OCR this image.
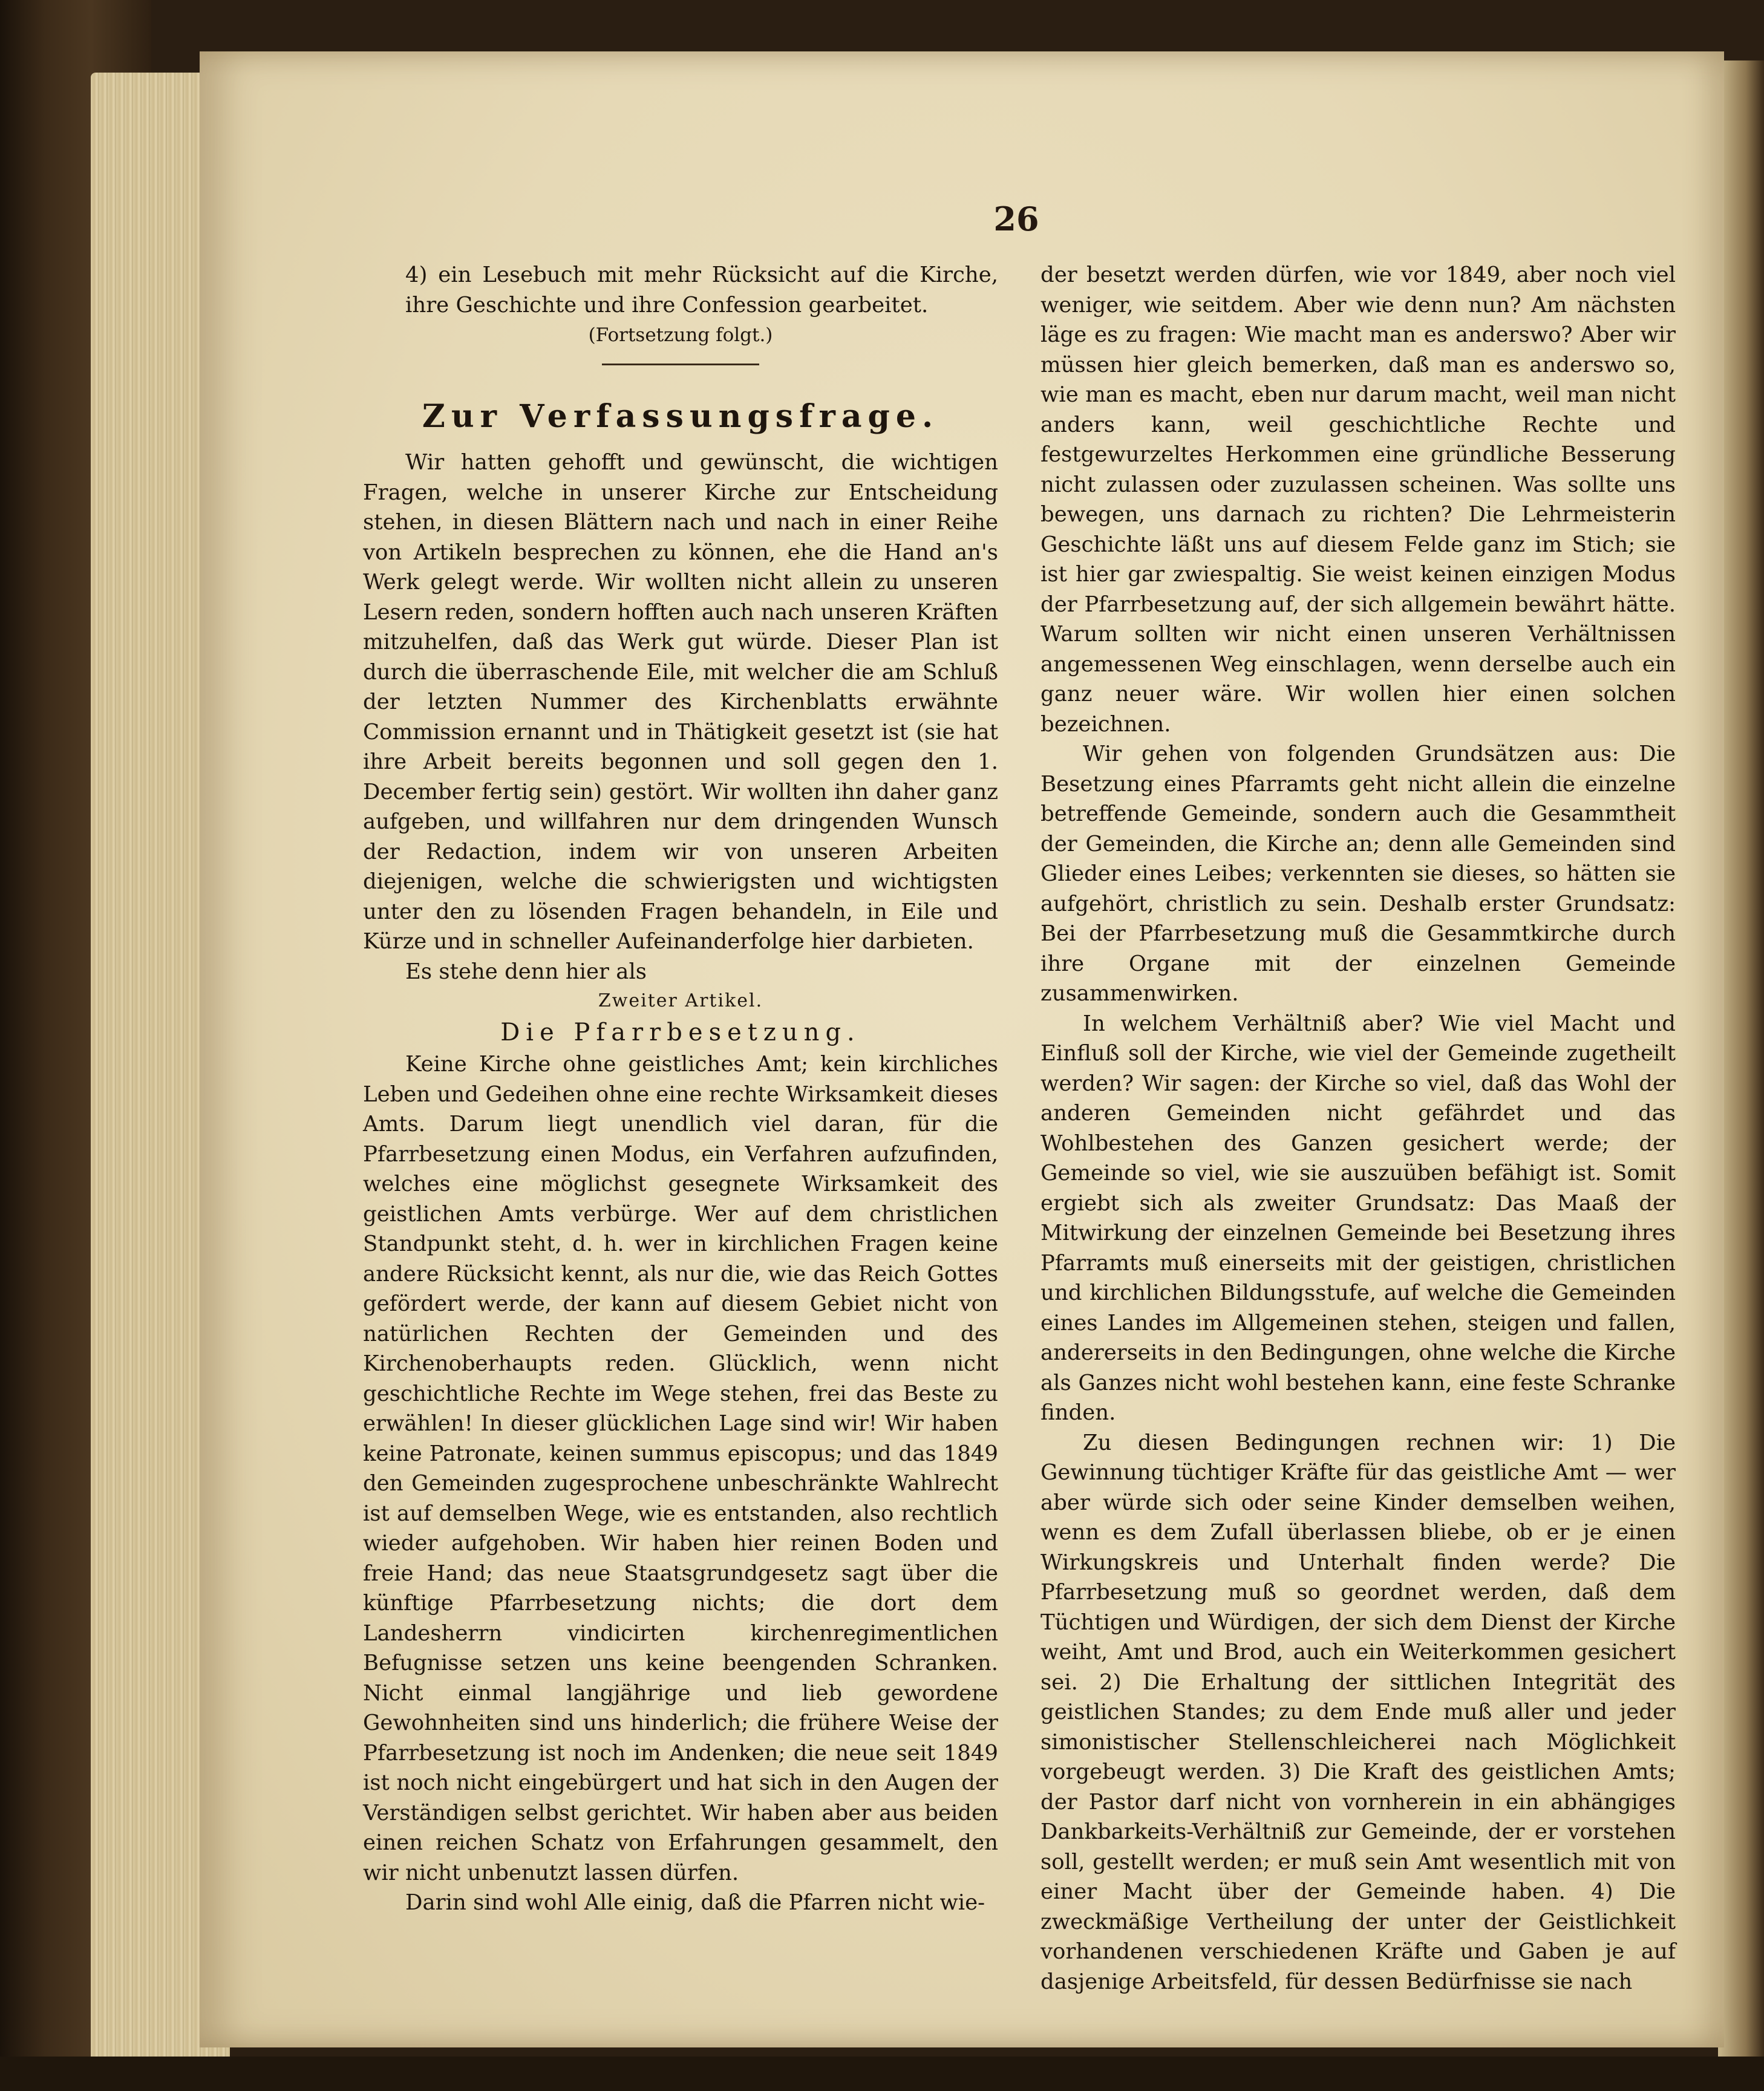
26

4) ein Lesebuch mit mehr Rücksicht auf die Kirche, ihre Geschichte und ihre Confession gearbeitet.

(Fortsetzung folgt.)

Zur Verfassungsfrage.

Wir hatten gehofft und gewünscht, die wichtigen Fragen, welche in unserer Kirche zur Entscheidung stehen, in diesen Blättern nach und nach in einer Reihe von Artikeln besprechen zu können, ehe die Hand an's Werk gelegt werde. Wir wollten nicht allein zu unseren Lesern reden, sondern hofften auch nach unseren Kräften mitzuhelfen, daß das Werk gut würde. Dieser Plan ist durch die überraschende Eile, mit welcher die am Schluß der letzten Nummer des Kirchenblatts erwähnte Commission ernannt und in Thätigkeit gesetzt ist (sie hat ihre Arbeit bereits begonnen und soll gegen den 1. December fertig sein) gestört. Wir wollten ihn daher ganz aufgeben, und willfahren nur dem dringenden Wunsch der Redaction, indem wir von unseren Arbeiten diejenigen, welche die schwierigsten und wichtigsten unter den zu lösenden Fragen behandeln, in Eile und Kürze und in schneller Aufeinanderfolge hier darbieten.

Es stehe denn hier als

Zweiter Artikel.

Die Pfarrbesetzung.

Keine Kirche ohne geistliches Amt; kein kirchliches Leben und Gedeihen ohne eine rechte Wirksamkeit dieses Amts. Darum liegt unendlich viel daran, für die Pfarrbesetzung einen Modus, ein Verfahren aufzufinden, welches eine möglichst gesegnete Wirksamkeit des geistlichen Amts verbürge. Wer auf dem christlichen Standpunkt steht, d. h. wer in kirchlichen Fragen keine andere Rücksicht kennt, als nur die, wie das Reich Gottes gefördert werde, der kann auf diesem Gebiet nicht von natürlichen Rechten der Gemeinden und des Kirchenoberhaupts reden. Glücklich, wenn nicht geschichtliche Rechte im Wege stehen, frei das Beste zu erwählen! In dieser glücklichen Lage sind wir! Wir haben keine Patronate, keinen summus episcopus; und das 1849 den Gemeinden zugesprochene unbeschränkte Wahlrecht ist auf demselben Wege, wie es entstanden, also rechtlich wieder aufgehoben. Wir haben hier reinen Boden und freie Hand; das neue Staatsgrundgesetz sagt über die künftige Pfarrbesetzung nichts; die dort dem Landesherrn vindicirten kirchenregimentlichen Befugnisse setzen uns keine beengenden Schranken. Nicht einmal langjährige und lieb gewordene Gewohnheiten sind uns hinderlich; die frühere Weise der Pfarrbesetzung ist noch im Andenken; die neue seit 1849 ist noch nicht eingebürgert und hat sich in den Augen der Verständigen selbst gerichtet. Wir haben aber aus beiden einen reichen Schatz von Erfahrungen gesammelt, den wir nicht unbenutzt lassen dürfen.

Darin sind wohl Alle einig, daß die Pfarren nicht wie-

der besetzt werden dürfen, wie vor 1849, aber noch viel weniger, wie seitdem. Aber wie denn nun? Am nächsten läge es zu fragen: Wie macht man es anderswo? Aber wir müssen hier gleich bemerken, daß man es anderswo so, wie man es macht, eben nur darum macht, weil man nicht anders kann, weil geschichtliche Rechte und festgewurzeltes Herkommen eine gründliche Besserung nicht zulassen oder zuzulassen scheinen. Was sollte uns bewegen, uns darnach zu richten? Die Lehrmeisterin Geschichte läßt uns auf diesem Felde ganz im Stich; sie ist hier gar zwiespaltig. Sie weist keinen einzigen Modus der Pfarrbesetzung auf, der sich allgemein bewährt hätte. Warum sollten wir nicht einen unseren Verhältnissen angemessenen Weg einschlagen, wenn derselbe auch ein ganz neuer wäre. Wir wollen hier einen solchen bezeichnen.

Wir gehen von folgenden Grundsätzen aus: Die Besetzung eines Pfarramts geht nicht allein die einzelne betreffende Gemeinde, sondern auch die Gesammtheit der Gemeinden, die Kirche an; denn alle Gemeinden sind Glieder eines Leibes; verkennten sie dieses, so hätten sie aufgehört, christlich zu sein. Deshalb erster Grundsatz: Bei der Pfarrbesetzung muß die Gesammtkirche durch ihre Organe mit der einzelnen Gemeinde zusammenwirken.

In welchem Verhältniß aber? Wie viel Macht und Einfluß soll der Kirche, wie viel der Gemeinde zugetheilt werden? Wir sagen: der Kirche so viel, daß das Wohl der anderen Gemeinden nicht gefährdet und das Wohlbestehen des Ganzen gesichert werde; der Gemeinde so viel, wie sie auszuüben befähigt ist. Somit ergiebt sich als zweiter Grundsatz: Das Maaß der Mitwirkung der einzelnen Gemeinde bei Besetzung ihres Pfarramts muß einerseits mit der geistigen, christlichen und kirchlichen Bildungsstufe, auf welche die Gemeinden eines Landes im Allgemeinen stehen, steigen und fallen, andererseits in den Bedingungen, ohne welche die Kirche als Ganzes nicht wohl bestehen kann, eine feste Schranke finden.

Zu diesen Bedingungen rechnen wir: 1) Die Gewinnung tüchtiger Kräfte für das geistliche Amt — wer aber würde sich oder seine Kinder demselben weihen, wenn es dem Zufall überlassen bliebe, ob er je einen Wirkungskreis und Unterhalt finden werde? Die Pfarrbesetzung muß so geordnet werden, daß dem Tüchtigen und Würdigen, der sich dem Dienst der Kirche weiht, Amt und Brod, auch ein Weiterkommen gesichert sei. 2) Die Erhaltung der sittlichen Integrität des geistlichen Standes; zu dem Ende muß aller und jeder simonistischer Stellenschleicherei nach Möglichkeit vorgebeugt werden. 3) Die Kraft des geistlichen Amts; der Pastor darf nicht von vornherein in ein abhängiges Dankbarkeits-Verhältniß zur Gemeinde, der er vorstehen soll, gestellt werden; er muß sein Amt wesentlich mit von einer Macht über der Gemeinde haben. 4) Die zweckmäßige Vertheilung der unter der Geistlichkeit vorhandenen verschiedenen Kräfte und Gaben je auf dasjenige Arbeitsfeld, für dessen Bedürfnisse sie nach
